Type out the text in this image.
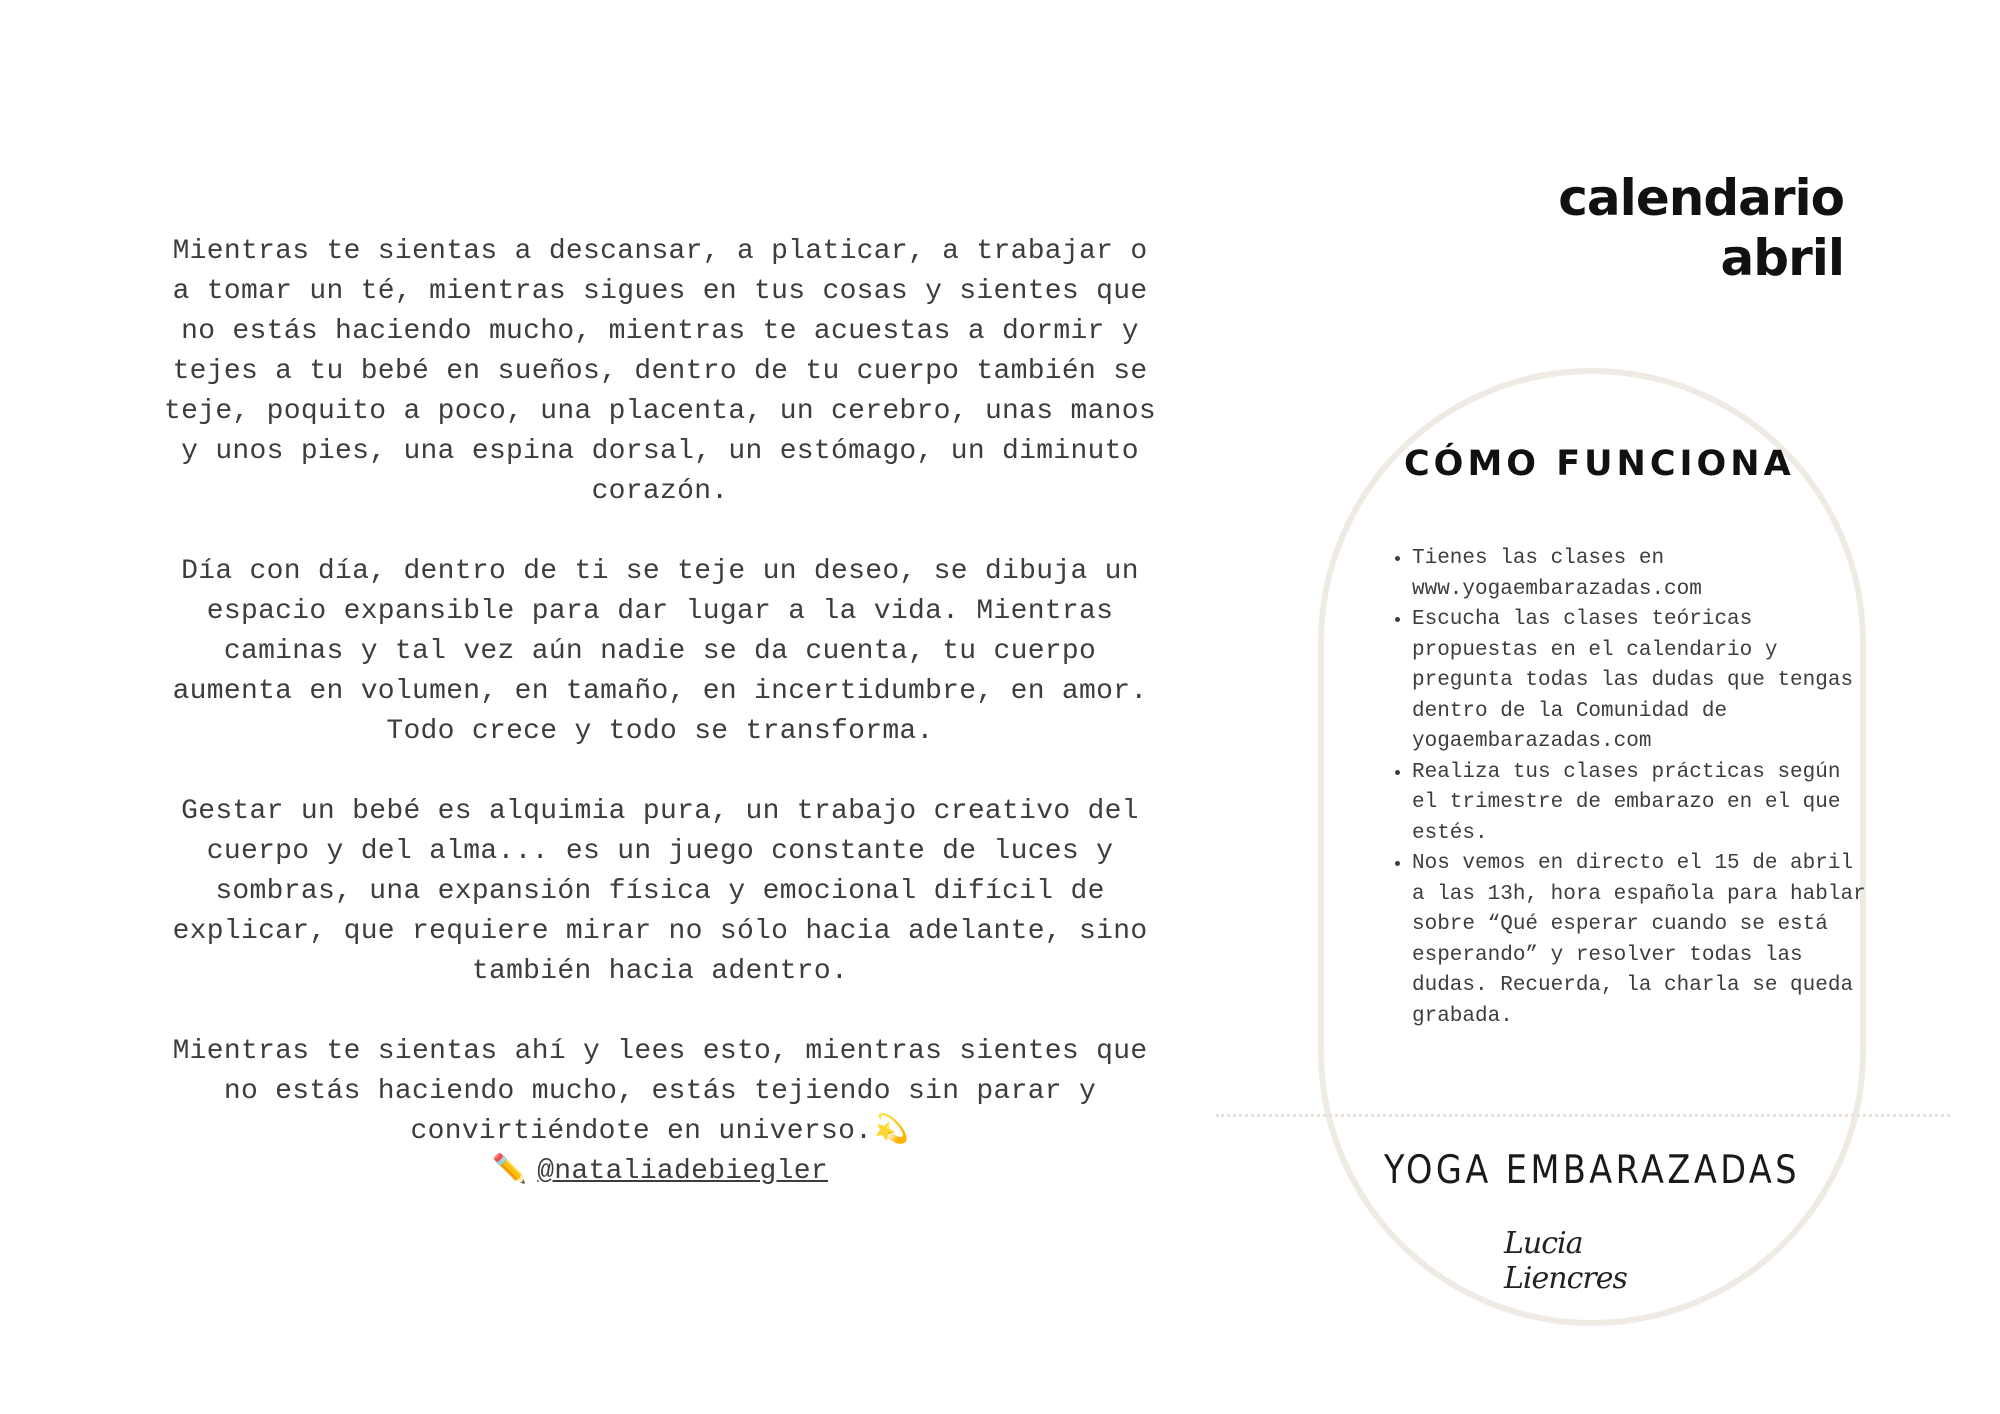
Mientras te sientas a descansar, a platicar, a trabajar o a tomar un té, mientras sigues en tus cosas y sientes que no estás haciendo mucho, mientras te acuestas a dormir y tejes a tu bebé en sueños, dentro de tu cuerpo también se teje, poquito a poco, una placenta, un cerebro, unas manos y unos pies, una espina dorsal, un estómago, un diminuto corazón.

Día con día, dentro de ti se teje un deseo, se dibuja un espacio expansible para dar lugar a la vida. Mientras caminas y tal vez aún nadie se da cuenta, tu cuerpo aumenta en volumen, en tamaño, en incertidumbre, en amor. Todo crece y todo se transforma.

Gestar un bebé es alquimia pura, un trabajo creativo del cuerpo y del alma... es un juego constante de luces y sombras, una expansión física y emocional difícil de explicar, que requiere mirar no sólo hacia adelante, sino también hacia adentro.

Mientras te sientas ahí y lees esto, mientras sientes que no estás haciendo mucho, estás tejiendo sin parar y convirtiéndote en universo.💫

✏️ @nataliadebiegler
calendario
abril
CÓMO FUNCIONA
• Tienes las clases en www.yogaembarazadas.com
• Escucha las clases teóricas propuestas en el calendario y pregunta todas las dudas que tengas dentro de la Comunidad de yogaembarazadas.com
• Realiza tus clases prácticas según el trimestre de embarazo en el que estés.
• Nos vemos en directo el 15 de abril a las 13h, hora española para hablar sobre “Qué esperar cuando se está esperando” y resolver todas las dudas. Recuerda, la charla se queda grabada.
YOGA EMBARAZADAS
Lucia Liencres
